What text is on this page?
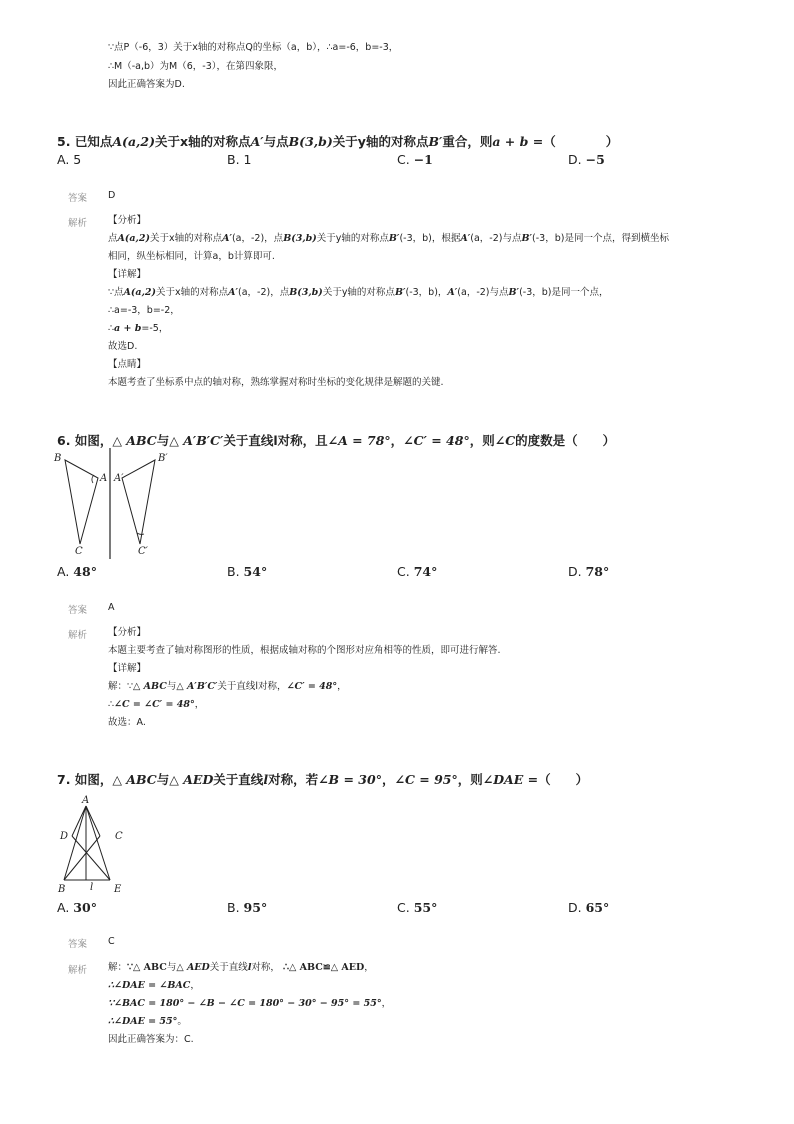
∵点P（-6，3）关于x轴的对称点Q的坐标（a，b），∴a=-6，b=-3，
∴M（-a,b）为M（6，-3），在第四象限，
因此正确答案为D.
5. 已知点A(a,2)关于x轴的对称点A′与点B(3,b)关于y轴的对称点B′重合，则a + b =（　　　　）
A. 5	B. 1	C. −1	D. −5
答案 D
解析 【分析】
点A(a,2)关于x轴的对称点A′(a，-2)，点B(3,b)关于y轴的对称点B′(-3，b)，根据A′(a，-2)与点B′(-3，b)是同一个点，得到横坐标
相同，纵坐标相同，计算a，b计算即可.
【详解】
∵点A(a,2)关于x轴的对称点A′(a，-2)，点B(3,b)关于y轴的对称点B′(-3，b)，A′(a，-2)与点B′(-3，b)是同一个点，
∴a=-3，b=-2，
∴a + b=-5，
故选D.
【点睛】
本题考查了坐标系中点的轴对称，熟练掌握对称时坐标的变化规律是解题的关键.
6. 如图，△ ABC与△ A′B′C′关于直线l对称，且∠A = 78°，∠C′ = 48°，则∠C的度数是（　　）
B
A
C
A′
B′
C′
A. 48°	B. 54°	C. 74°	D. 78°
答案 A
解析 【分析】
本题主要考查了轴对称图形的性质，根据成轴对称的个图形对应角相等的性质，即可进行解答.
【详解】
解：∵△ ABC与△ A′B′C′关于直线l对称，∠C′ = 48°，
∴∠C = ∠C′ = 48°，
故选：A.
7. 如图，△ ABC与△ AED关于直线l对称，若∠B = 30°，∠C = 95°，则∠DAE =（　　）
A
D	C
B l E
A. 30°	B. 95°	C. 55°	D. 65°
答案 C
解析 解：∵△ ABC与△ AED关于直线l对称， ∴△ ABC≌△ AED，
∴∠DAE = ∠BAC，
∵∠BAC = 180° − ∠B − ∠C = 180° − 30° − 95° = 55°，
∴∠DAE = 55°。
因此正确答案为：C.
